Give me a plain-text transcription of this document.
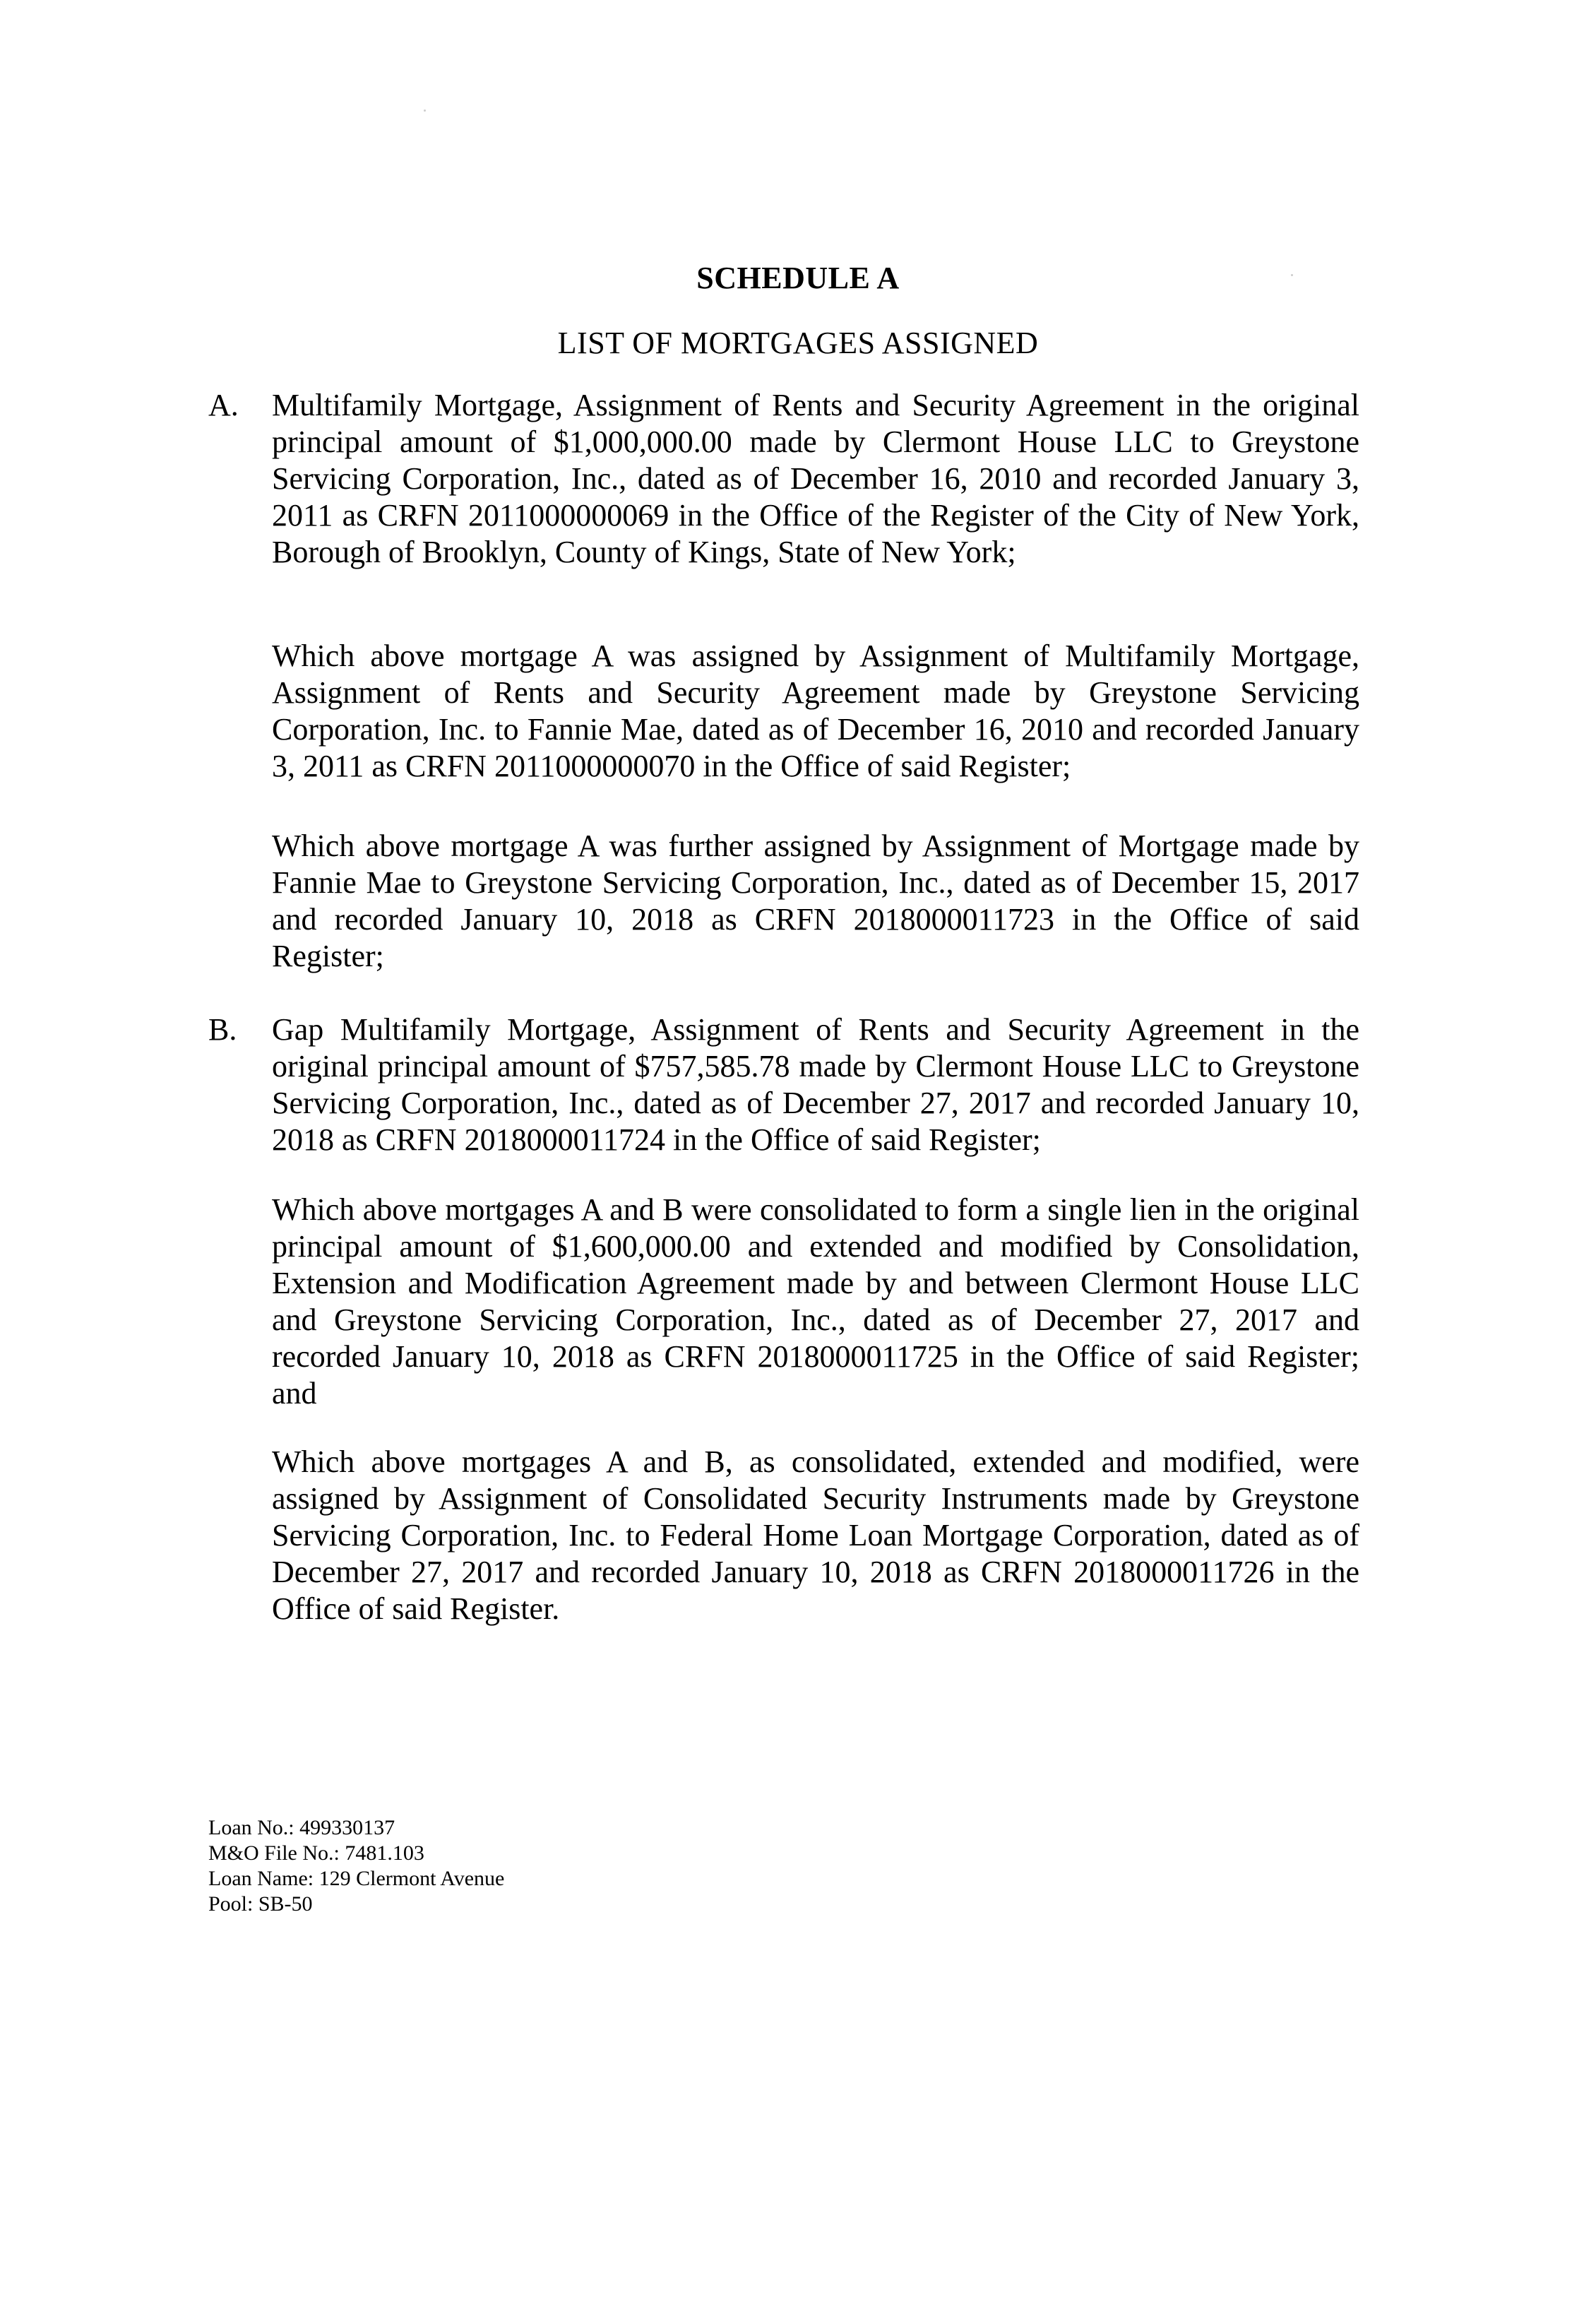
SCHEDULE A
LIST OF MORTGAGES ASSIGNED
A.	Multifamily Mortgage, Assignment of Rents and Security Agreement in the original principal amount of $1,000,000.00 made by Clermont House LLC to Greystone Servicing Corporation, Inc., dated as of December 16, 2010 and recorded January 3, 2011 as CRFN 2011000000069 in the Office of the Register of the City of New York, Borough of Brooklyn, County of Kings, State of New York;
Which above mortgage A was assigned by Assignment of Multifamily Mortgage, Assignment of Rents and Security Agreement made by Greystone Servicing Corporation, Inc. to Fannie Mae, dated as of December 16, 2010 and recorded January 3, 2011 as CRFN 2011000000070 in the Office of said Register;
Which above mortgage A was further assigned by Assignment of Mortgage made by Fannie Mae to Greystone Servicing Corporation, Inc., dated as of December 15, 2017 and recorded January 10, 2018 as CRFN 2018000011723 in the Office of said Register;
B.	Gap Multifamily Mortgage, Assignment of Rents and Security Agreement in the original principal amount of $757,585.78 made by Clermont House LLC to Greystone Servicing Corporation, Inc., dated as of December 27, 2017 and recorded January 10, 2018 as CRFN 2018000011724 in the Office of said Register;
Which above mortgages A and B were consolidated to form a single lien in the original principal amount of $1,600,000.00 and extended and modified by Consolidation, Extension and Modification Agreement made by and between Clermont House LLC and Greystone Servicing Corporation, Inc., dated as of December 27, 2017 and recorded January 10, 2018 as CRFN 2018000011725 in the Office of said Register; and
Which above mortgages A and B, as consolidated, extended and modified, were assigned by Assignment of Consolidated Security Instruments made by Greystone Servicing Corporation, Inc. to Federal Home Loan Mortgage Corporation, dated as of December 27, 2017 and recorded January 10, 2018 as CRFN 2018000011726 in the Office of said Register.
Loan No.: 499330137
M&O File No.: 7481.103
Loan Name: 129 Clermont Avenue
Pool: SB-50
